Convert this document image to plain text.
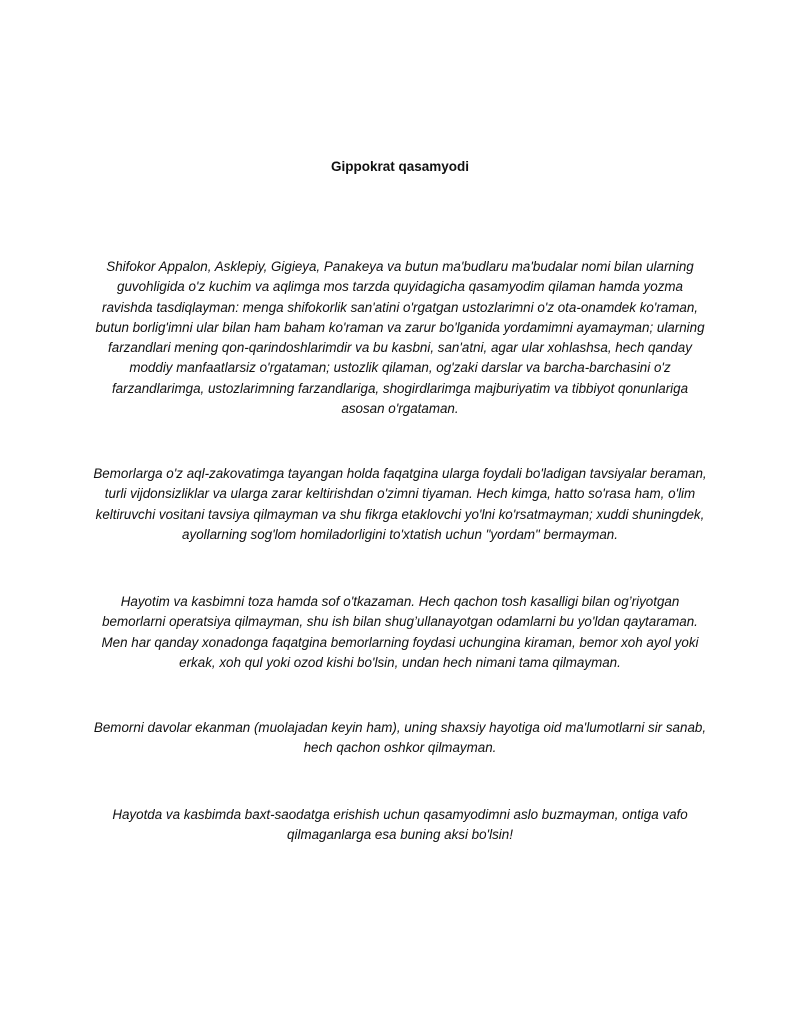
Gippokrat qasamyodi

Shifokor Appalon, Asklepiy, Gigieya, Panakeya va butun ma'budlaru ma'budalar nomi bilan ularning guvohligida o'z kuchim va aqlimga mos tarzda quyidagicha qasamyodim qilaman hamda yozma ravishda tasdiqlayman: menga shifokorlik san'atini o'rgatgan ustozlarimni o'z ota-onamdek ko'raman, butun borlig'imni ular bilan ham baham ko'raman va zarur bo'lganida yordamimni ayamayman; ularning farzandlari mening qon-qarindoshlarimdir va bu kasbni, san'atni, agar ular xohlashsa, hech qanday moddiy manfaatlarsiz o'rgataman; ustozlik qilaman, og'zaki darslar va barcha-barchasini o'z farzandlarimga, ustozlarimning farzandlariga, shogirdlarimga majburiyatim va tibbiyot qonunlariga asosan o'rgataman.

Bemorlarga o'z aql-zakovatimga tayangan holda faqatgina ularga foydali bo'ladigan tavsiyalar beraman, turli vijdonsizliklar va ularga zarar keltirishdan o'zimni tiyaman. Hech kimga, hatto so'rasa ham, o'lim keltiruvchi vositani tavsiya qilmayman va shu fikrga etaklovchi yo'lni ko'rsatmayman; xuddi shuningdek, ayollarning sog'lom homiladorligini to'xtatish uchun "yordam" bermayman.

Hayotim va kasbimni toza hamda sof o'tkazaman. Hech qachon tosh kasalligi bilan og’riyotgan bemorlarni operatsiya qilmayman, shu ish bilan shug’ullanayotgan odamlarni bu yo'ldan qaytaraman. Men har qanday xonadonga faqatgina bemorlarning foydasi uchungina kiraman, bemor xoh ayol yoki erkak, xoh qul yoki ozod kishi bo'lsin, undan hech nimani tama qilmayman.

Bemorni davolar ekanman (muolajadan keyin ham), uning shaxsiy hayotiga oid ma'lumotlarni sir sanab, hech qachon oshkor qilmayman.

Hayotda va kasbimda baxt-saodatga erishish uchun qasamyodimni aslo buzmayman, ontiga vafo qilmaganlarga esa buning aksi bo'lsin!
